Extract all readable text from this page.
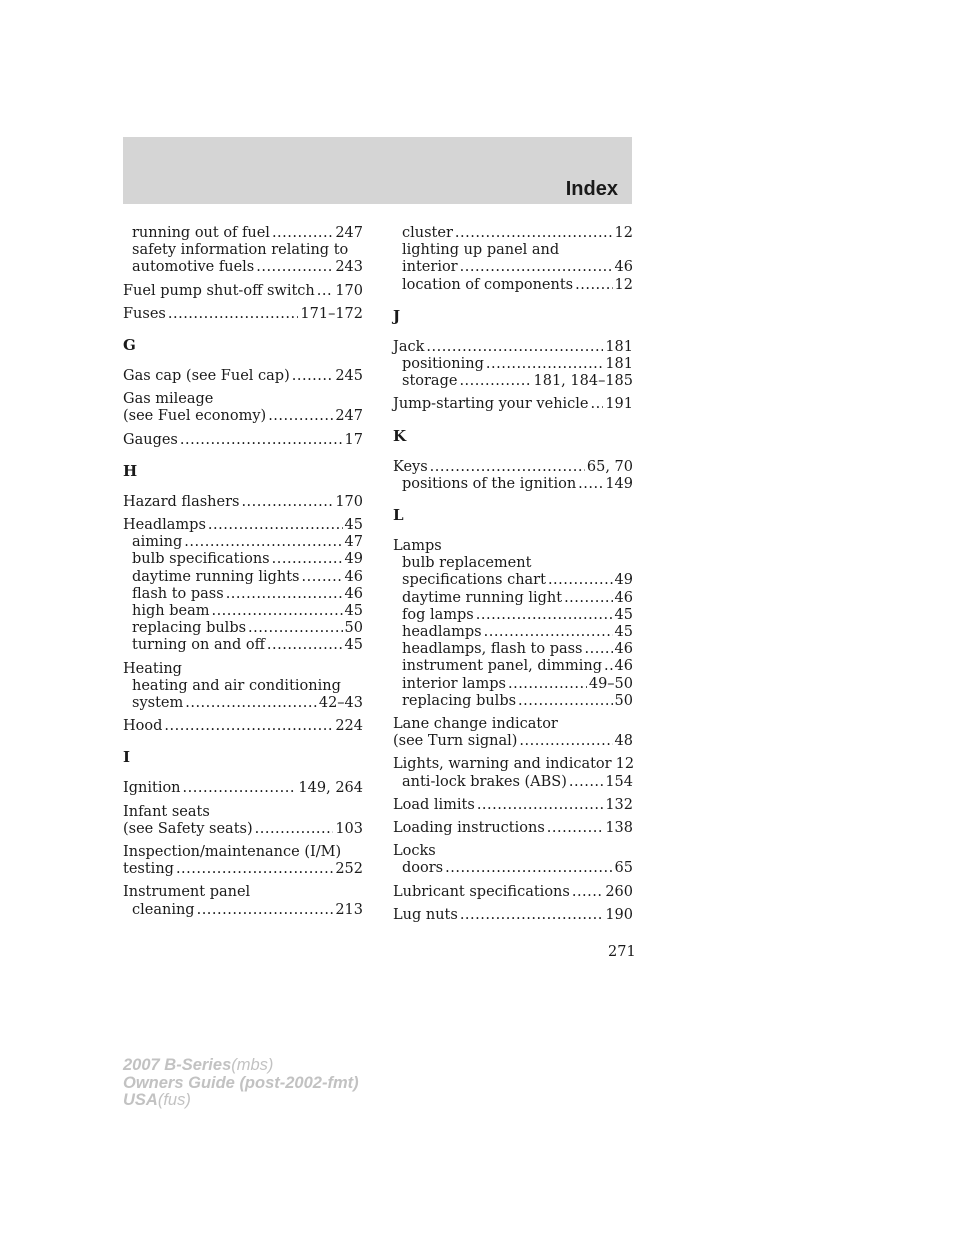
Index
running out of fuel .....	247
safety information relating to
automotive fuels .....	243
Fuel pump shut-off switch ..... 170
Fuses .....	171–172
G
Gas cap (see Fuel cap) .....	245
Gas mileage
(see Fuel economy) .....	247
Gauges .....	17
H
Hazard flashers .....	170
Headlamps .....	45
aiming .....	47
bulb specifications .....	49
daytime running lights .....	46
flash to pass .....	46
high beam .....	45
replacing bulbs .....	50
turning on and off .....	45
Heating
heating and air conditioning
system .....	42–43
Hood .....	224
I
Ignition .....	149, 264
Infant seats
(see Safety seats) .....	103
Inspection/maintenance (I/M)
testing .....	252
Instrument panel
cleaning .....	213
cluster .....	12
lighting up panel and
interior .....	46
location of components .....	12
J
Jack .....	181
positioning .....	181
storage .....	181, 184–185
Jump-starting your vehicle ..... 191
K
Keys .....	65, 70
positions of the ignition ..... 149
L
Lamps
bulb replacement
specifications chart .....	49
daytime running light .....	46
fog lamps .....	45
headlamps .....	45
headlamps, flash to pass ..... 46
instrument panel, dimming ..... 46
interior lamps .....	49–50
replacing bulbs .....	50
Lane change indicator
(see Turn signal) .....	48
Lights, warning and indicator 12
anti-lock brakes (ABS) .....	154
Load limits .....	132
Loading instructions .....	138
Locks
doors .....	65
Lubricant specifications ..... 260
Lug nuts .....	190
271
2007 B-Series(mbs)
Owners Guide (post-2002-fmt)
USA(fus)
